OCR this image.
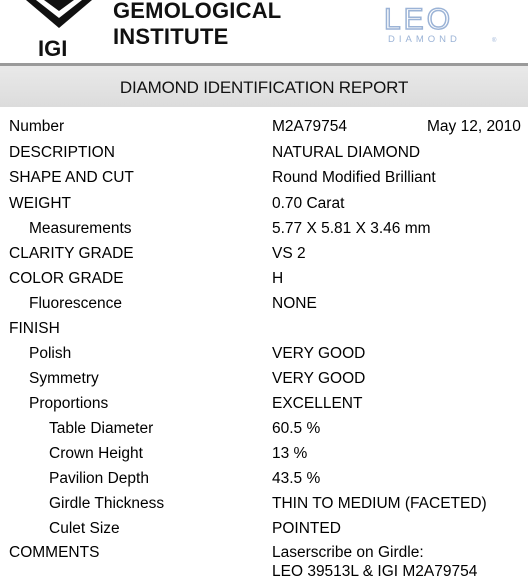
IGI
GEMOLOGICAL
INSTITUTE
LEO
DIAMOND	®
DIAMOND IDENTIFICATION REPORT
Number	M2A79754	May 12, 2010
DESCRIPTION	NATURAL DIAMOND
SHAPE AND CUT	Round Modified Brilliant
WEIGHT	0.70 Carat
Measurements	5.77 X 5.81 X 3.46 mm
CLARITY GRADE	VS 2
COLOR GRADE	H
Fluorescence	NONE
FINISH
Polish	VERY GOOD
Symmetry	VERY GOOD
Proportions	EXCELLENT
Table Diameter	60.5 %
Crown Height	13 %
Pavilion Depth	43.5 %
Girdle Thickness	THIN TO MEDIUM (FACETED)
Culet Size	POINTED
COMMENTS	Laserscribe on Girdle:
LEO 39513L & IGI M2A79754
